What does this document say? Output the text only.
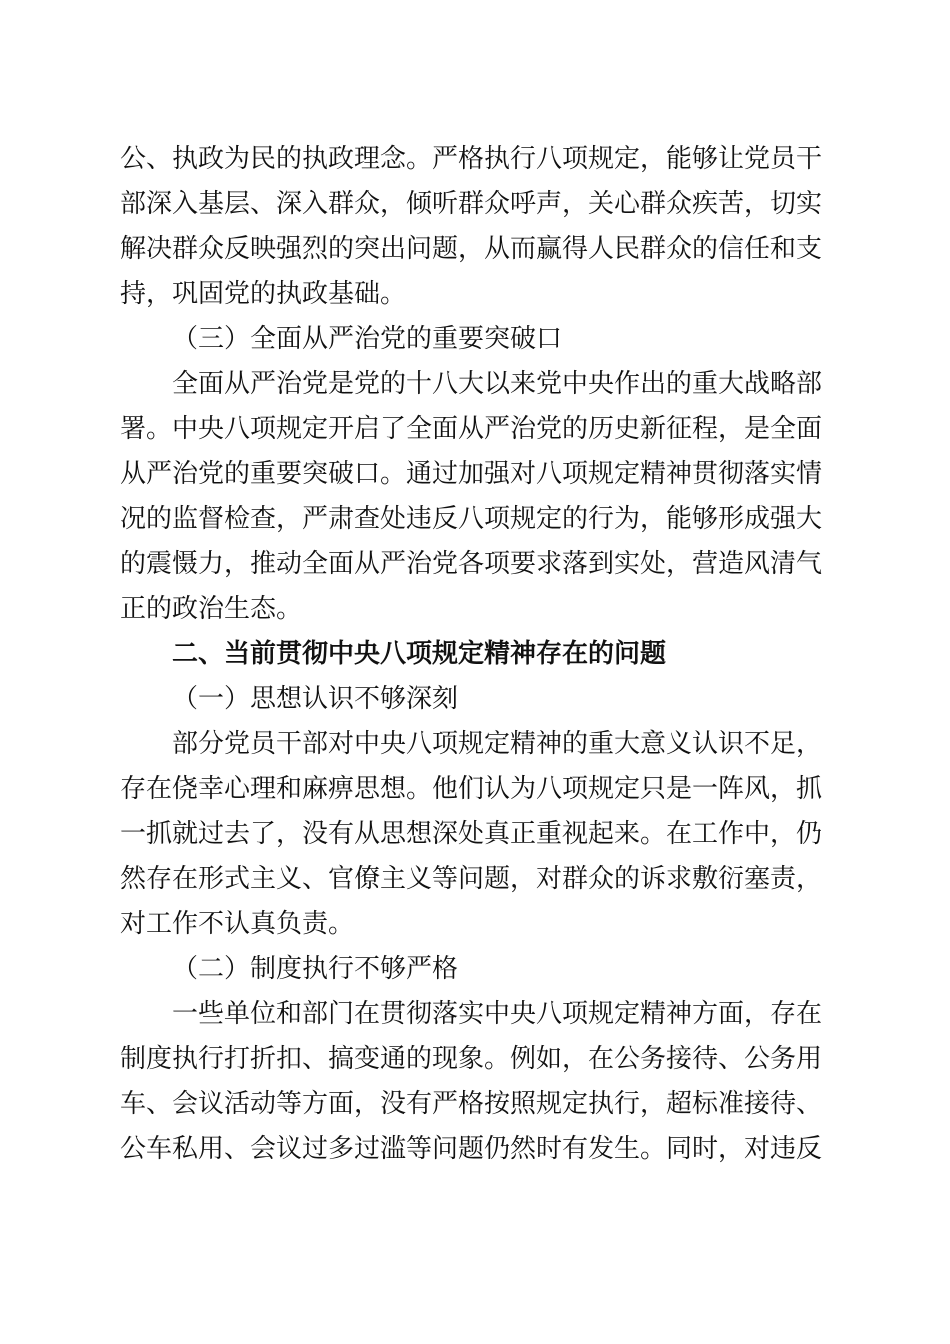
公、执政为民的执政理念。严格执行八项规定，能够让党员干
部深入基层、深入群众，倾听群众呼声，关心群众疾苦，切实
解决群众反映强烈的突出问题，从而赢得人民群众的信任和支
持，巩固党的执政基础。
（三）全面从严治党的重要突破口
全面从严治党是党的十八大以来党中央作出的重大战略部
署。中央八项规定开启了全面从严治党的历史新征程，是全面
从严治党的重要突破口。通过加强对八项规定精神贯彻落实情
况的监督检查，严肃查处违反八项规定的行为，能够形成强大
的震慑力，推动全面从严治党各项要求落到实处，营造风清气
正的政治生态。
二、当前贯彻中央八项规定精神存在的问题
（一）思想认识不够深刻
部分党员干部对中央八项规定精神的重大意义认识不足，
存在侥幸心理和麻痹思想。他们认为八项规定只是一阵风，抓
一抓就过去了，没有从思想深处真正重视起来。在工作中，仍
然存在形式主义、官僚主义等问题，对群众的诉求敷衍塞责，
对工作不认真负责。
（二）制度执行不够严格
一些单位和部门在贯彻落实中央八项规定精神方面，存在
制度执行打折扣、搞变通的现象。例如，在公务接待、公务用
车、会议活动等方面，没有严格按照规定执行，超标准接待、
公车私用、会议过多过滥等问题仍然时有发生。同时，对违反
